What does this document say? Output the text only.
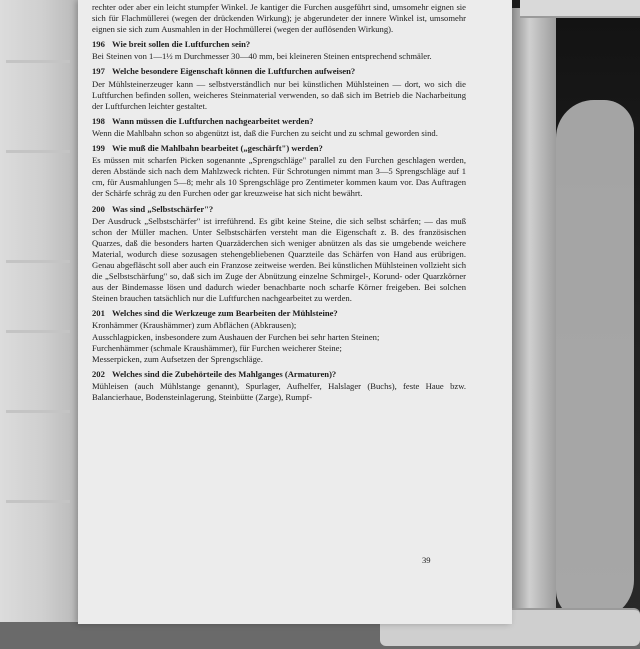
rechter oder aber ein leicht stumpfer Winkel. Je kantiger die Furchen ausgeführt sind, umsomehr eignen sie sich für Flachmüllerei (wegen der drückenden Wirkung); je abgerundeter der innere Winkel ist, umsomehr eignen sie sich zum Ausmahlen in der Hochmüllerei (wegen der auflösenden Wirkung).

196 Wie breit sollen die Luftfurchen sein?

Bei Steinen von 1—1½ m Durchmesser 30—40 mm, bei kleineren Steinen entsprechend schmäler.

197 Welche besondere Eigenschaft können die Luftfurchen aufweisen?

Der Mühlsteinerzeuger kann — selbstverständlich nur bei künstlichen Mühlsteinen — dort, wo sich die Luftfurchen befinden sollen, weicheres Steinmaterial verwenden, so daß sich im Betrieb die Nacharbeitung der Luftfurchen leichter gestaltet.

198 Wann müssen die Luftfurchen nachgearbeitet werden?

Wenn die Mahlbahn schon so abgenützt ist, daß die Furchen zu seicht und zu schmal geworden sind.

199 Wie muß die Mahlbahn bearbeitet („geschärft") werden?

Es müssen mit scharfen Picken sogenannte „Sprengschläge" parallel zu den Furchen geschlagen werden, deren Abstände sich nach dem Mahlzweck richten. Für Schrotungen nimmt man 3—5 Sprengschläge auf 1 cm, für Ausmahlungen 5—8; mehr als 10 Sprengschläge pro Zentimeter kommen kaum vor. Das Auftragen der Schärfe schräg zu den Furchen oder gar kreuzweise hat sich nicht bewährt.

200 Was sind „Selbstschärfer"?

Der Ausdruck „Selbstschärfer" ist irreführend. Es gibt keine Steine, die sich selbst schärfen; — das muß schon der Müller machen. Unter Selbstschärfen versteht man die Eigenschaft z. B. des französischen Quarzes, daß die besonders harten Quarzäderchen sich weniger abnützen als das sie umgebende weichere Material, wodurch diese sozusagen stehengebliebenen Quarzteile das Schärfen von Hand aus erübrigen. Genau abgefläscht soll aber auch ein Franzose zeitweise werden. Bei künstlichen Mühlsteinen vollzieht sich die „Selbstschärfung" so, daß sich im Zuge der Abnützung einzelne Schmirgel-, Korund- oder Quarzkörner aus der Bindemasse lösen und dadurch wieder benachbarte noch scharfe Körner freigeben. Bei solchen Steinen brauchen tatsächlich nur die Luftfurchen nachgearbeitet zu werden.

201 Welches sind die Werkzeuge zum Bearbeiten der Mühlsteine?
Kronhämmer (Kraushämmer) zum Abflächen (Abkrausen);
Ausschlagpicken, insbesondere zum Aushauen der Furchen bei sehr harten Steinen;
Furchenhämmer (schmale Kraushämmer), für Furchen weicherer Steine;
Messerpicken, zum Aufsetzen der Sprengschläge.
202 Welches sind die Zubehörteile des Mahlganges (Armaturen)?

Mühleisen (auch Mühlstange genannt), Spurlager, Aufhelfer, Halslager (Buchs), feste Haue bzw. Balancierhaue, Bodensteinlagerung, Steinbütte (Zarge), Rumpf-

39
